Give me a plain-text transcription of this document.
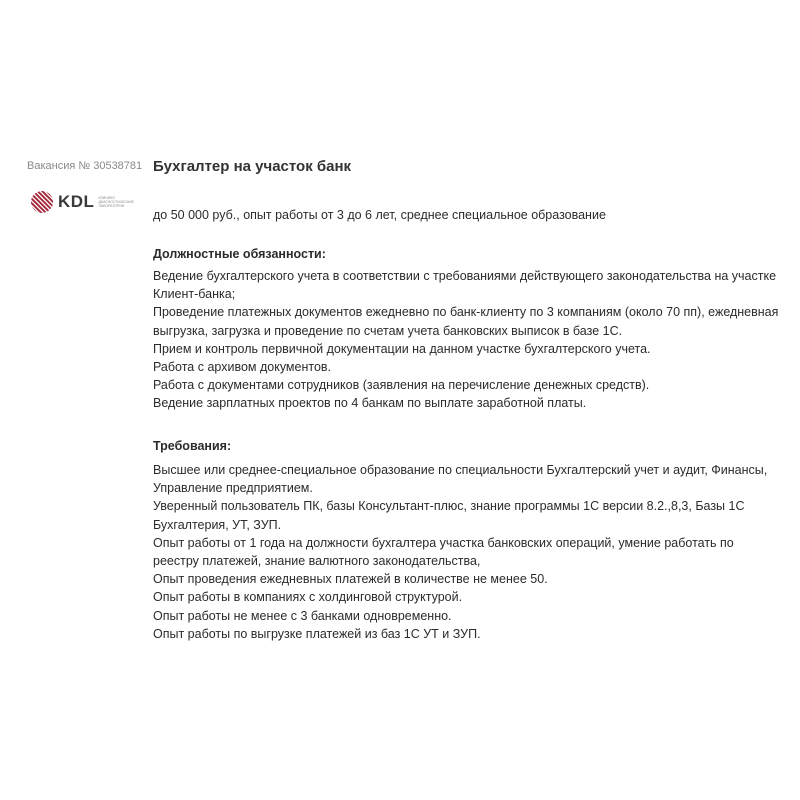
Вакансия № 30538781
KDL КЛИНИКО ДИАГНОСТИЧЕСКИЕ ЛАБОРАТОРИИ
Бухгалтер на участок банк

до 50 000 руб., опыт работы от 3 до 6 лет, среднее специальное образование

Должностные обязанности:
Ведение бухгалтерского учета в соответствии с требованиями действующего законодательства на участке Клиент-банка;
Проведение платежных документов ежедневно по банк-клиенту по 3 компаниям (около 70 пп), ежедневная выгрузка, загрузка и проведение по счетам учета банковских выписок в базе 1С.
Прием и контроль первичной документации на данном участке бухгалтерского учета.
Работа с архивом документов.
Работа с документами сотрудников (заявления на перечисление денежных средств).
Ведение зарплатных проектов по 4 банкам по выплате заработной платы.
Требования:
Высшее или среднее-специальное образование по специальности Бухгалтерский учет и аудит, Финансы, Управление предприятием.
Уверенный пользователь ПК, базы Консультант-плюс, знание программы 1С версии 8.2.,8,3, Базы 1С Бухгалтерия, УТ, ЗУП.
Опыт работы от 1 года на должности бухгалтера участка банковских операций, умение работать по реестру платежей, знание валютного законодательства,
Опыт проведения ежедневных платежей в количестве не менее 50.
Опыт работы в компаниях с холдинговой структурой.
Опыт работы не менее с 3 банками одновременно.
Опыт работы по выгрузке платежей из баз 1С УТ и ЗУП.
